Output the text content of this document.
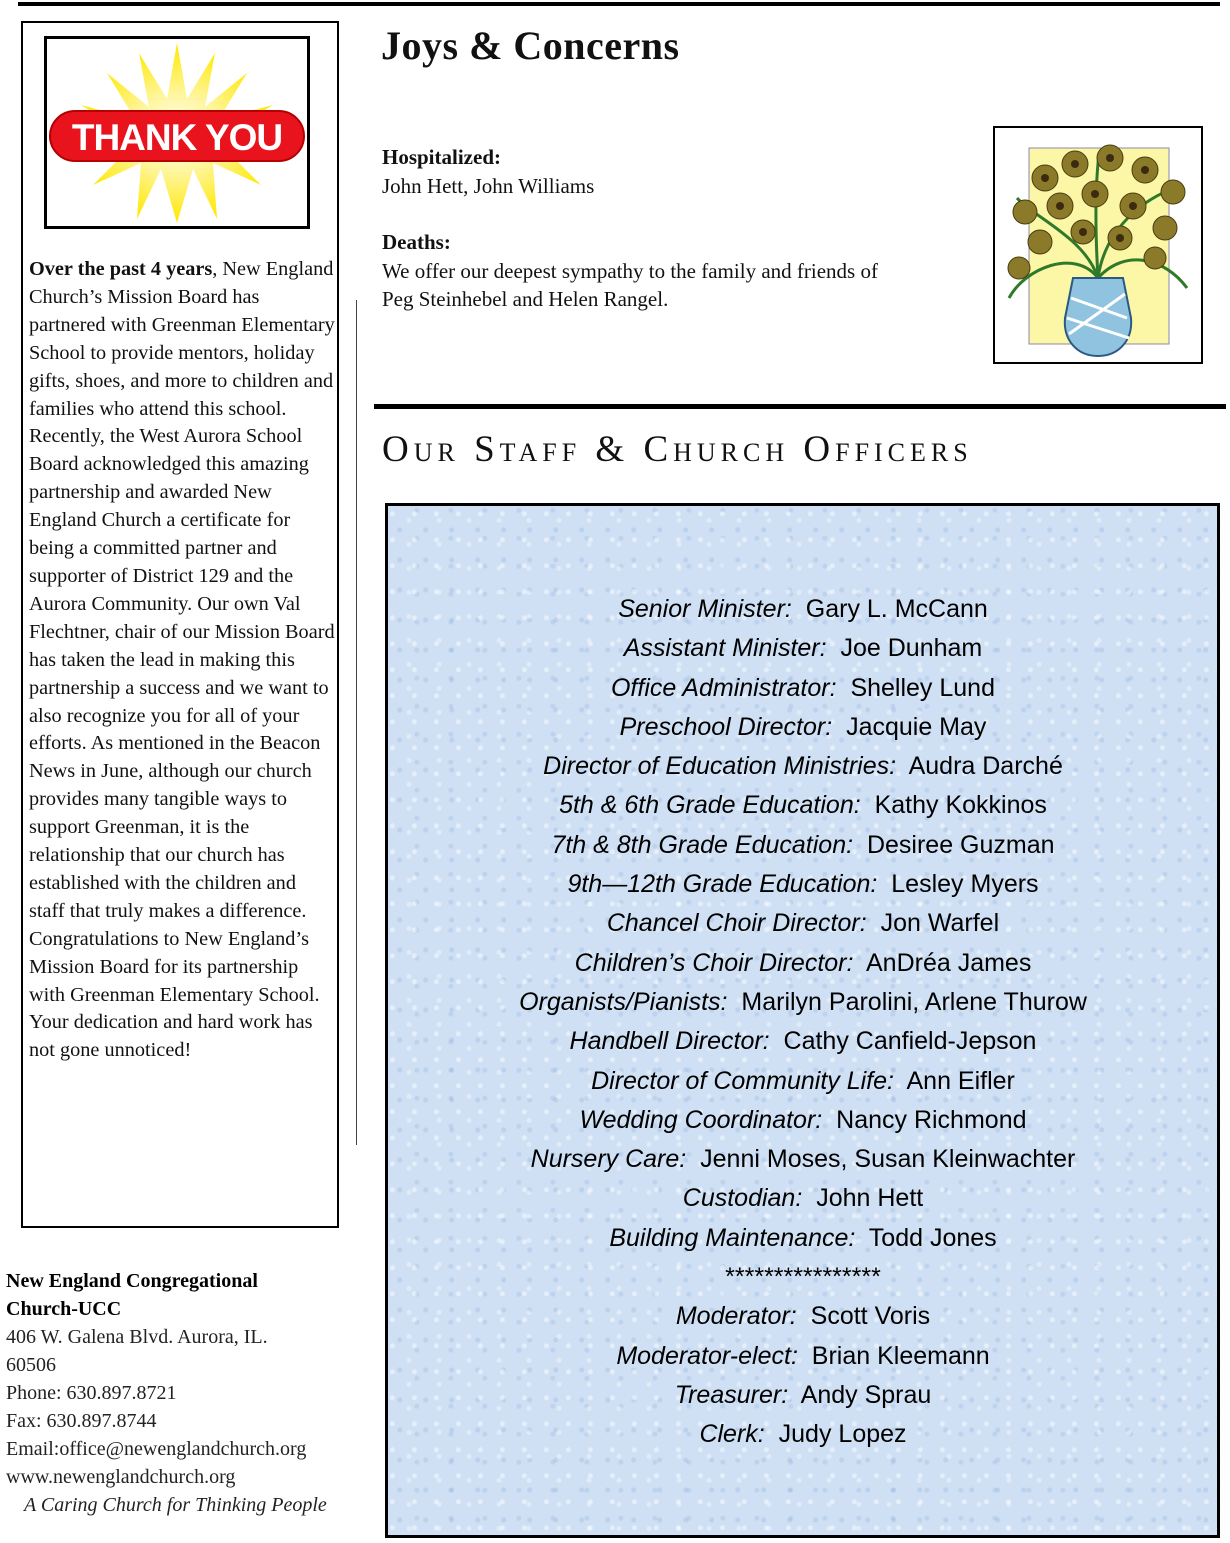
THANK YOU
Over the past 4 years, New England Church’s Mission Board has partnered with Greenman Elementary School to provide mentors, holiday gifts, shoes, and more to children and families who attend this school. Recently, the West Aurora School Board acknowledged this amazing partnership and awarded New England Church a certificate for being a committed partner and supporter of District 129 and the Aurora Community. Our own Val Flechtner, chair of our Mission Board has taken the lead in making this partnership a success and we want to also recognize you for all of your efforts. As mentioned in the Beacon News in June, although our church provides many tangible ways to support Greenman, it is the relationship that our church has established with the children and staff that truly makes a difference. Congratulations to New England’s Mission Board for its partnership with Greenman Elementary School. Your dedication and hard work has not gone unnoticed!
New England Congregational
Church-UCC
406 W. Galena Blvd. Aurora, IL.
60506
Phone: 630.897.8721
Fax: 630.897.8744
Email:office@newenglandchurch.org
www.newenglandchurch.org
A Caring Church for Thinking People
Joys & Concerns
Hospitalized:
John Hett, John Williams
Deaths:
We offer our deepest sympathy to the family and friends of
Peg Steinhebel and Helen Rangel.
Our Staff & Church Officers
Senior Minister: Gary L. McCann
Assistant Minister: Joe Dunham
Office Administrator: Shelley Lund
Preschool Director: Jacquie May
Director of Education Ministries: Audra Darché
5th & 6th Grade Education: Kathy Kokkinos
7th & 8th Grade Education: Desiree Guzman
9th—12th Grade Education: Lesley Myers
Chancel Choir Director: Jon Warfel
Children’s Choir Director: AnDréa James
Organists/Pianists: Marilyn Parolini, Arlene Thurow
Handbell Director: Cathy Canfield-Jepson
Director of Community Life: Ann Eifler
Wedding Coordinator: Nancy Richmond
Nursery Care: Jenni Moses, Susan Kleinwachter
Custodian: John Hett
Building Maintenance: Todd Jones
****************
Moderator: Scott Voris
Moderator-elect: Brian Kleemann
Treasurer: Andy Sprau
Clerk: Judy Lopez
